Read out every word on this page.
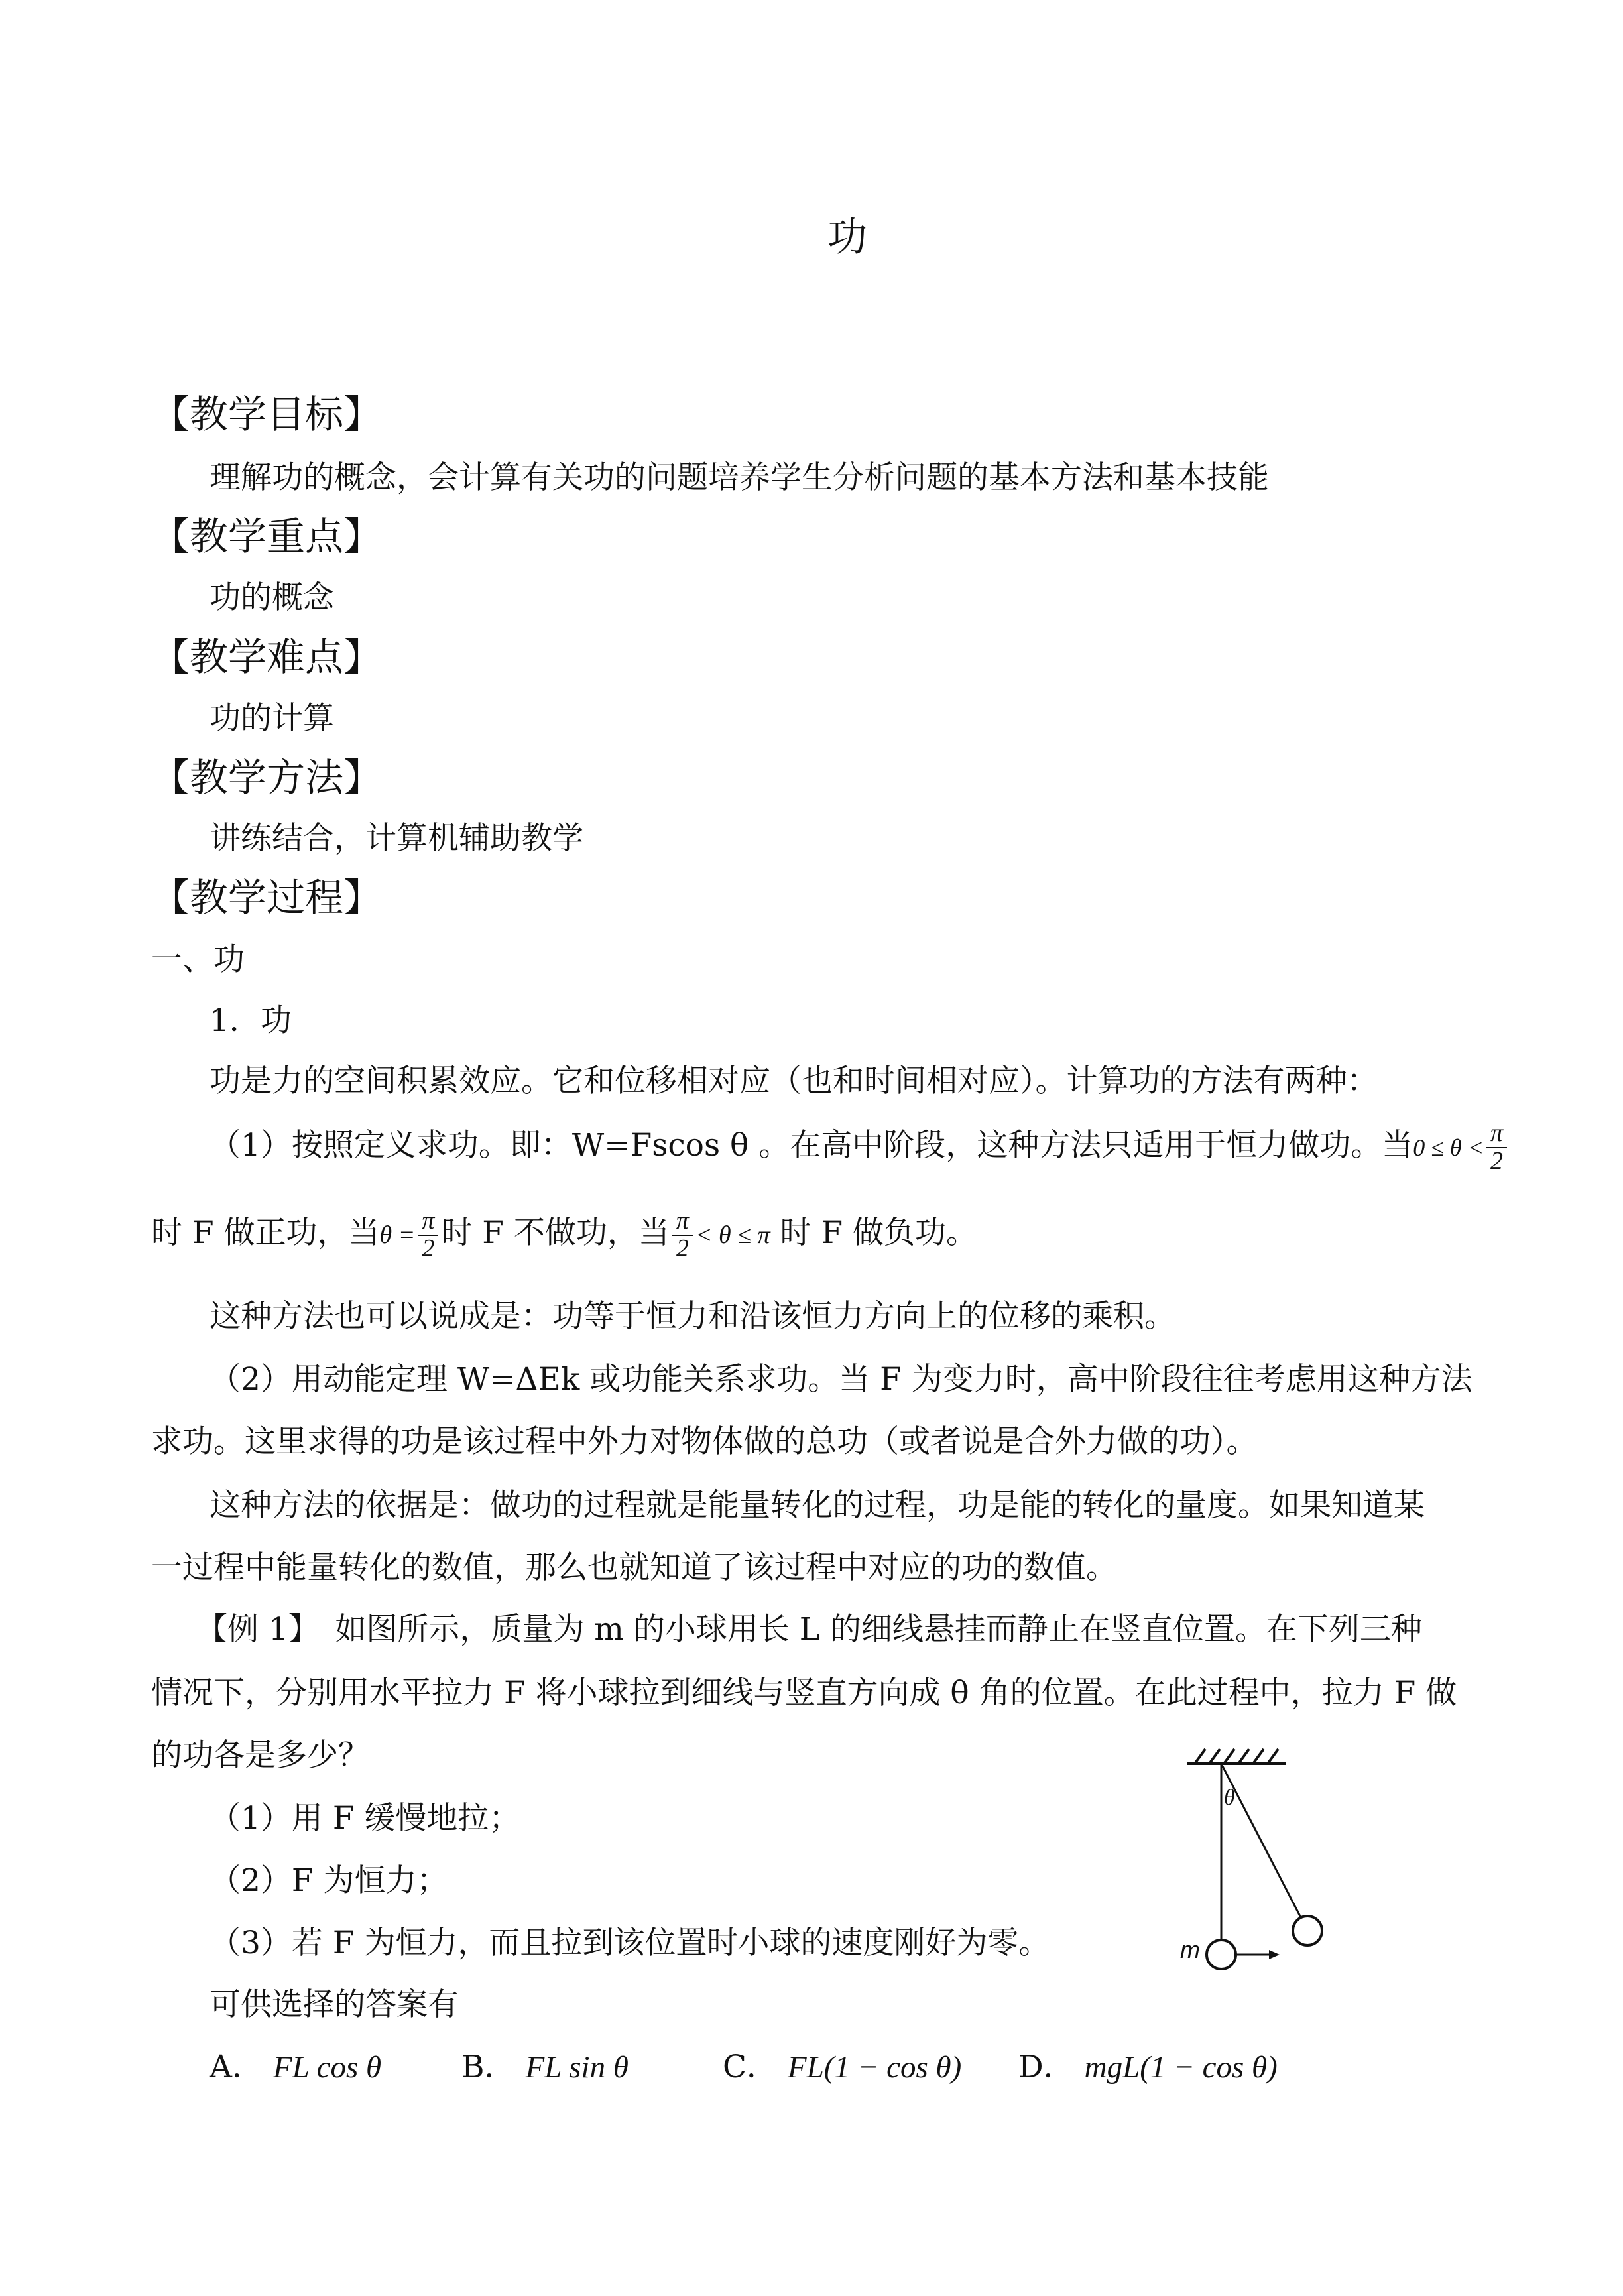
功
【教学目标】
理解功的概念，会计算有关功的问题培养学生分析问题的基本方法和基本技能
【教学重点】
功的概念
【教学难点】
功的计算
【教学方法】
讲练结合，计算机辅助教学
【教学过程】
一、功
1．功
功是力的空间积累效应。它和位移相对应（也和时间相对应）。计算功的方法有两种：
（1）按照定义求功。即：W=Fscos θ 。在高中阶段，这种方法只适用于恒力做功。当$0 \le \theta < \frac{\pi}{2}$
时 F 做正功，当$\theta = \frac{\pi}{2}$ 时 F 不做功，当 $\frac{\pi}{2} < \theta \le \pi$ 时 F 做负功。
这种方法也可以说成是：功等于恒力和沿该恒力方向上的位移的乘积。
（2）用动能定理 W=ΔEk 或功能关系求功。当 F 为变力时，高中阶段往往考虑用这种方法
求功。这里求得的功是该过程中外力对物体做的总功（或者说是合外力做的功）。
这种方法的依据是：做功的过程就是能量转化的过程，功是能的转化的量度。如果知道某
一过程中能量转化的数值，那么也就知道了该过程中对应的功的数值。
【例 1】　如图所示，质量为 m 的小球用长 L 的细线悬挂而静止在竖直位置。在下列三种
情况下，分别用水平拉力 F 将小球拉到细线与竖直方向成 θ 角的位置。在此过程中，拉力 F 做
的功各是多少？
（1）用 F 缓慢地拉；
（2）F 为恒力；
（3）若 F 为恒力，而且拉到该位置时小球的速度刚好为零。
可供选择的答案有
A． FL cos θ	B． FL sin θ	C． FL(1 − cos θ) D． mgL(1 − cos θ)
θ
m
